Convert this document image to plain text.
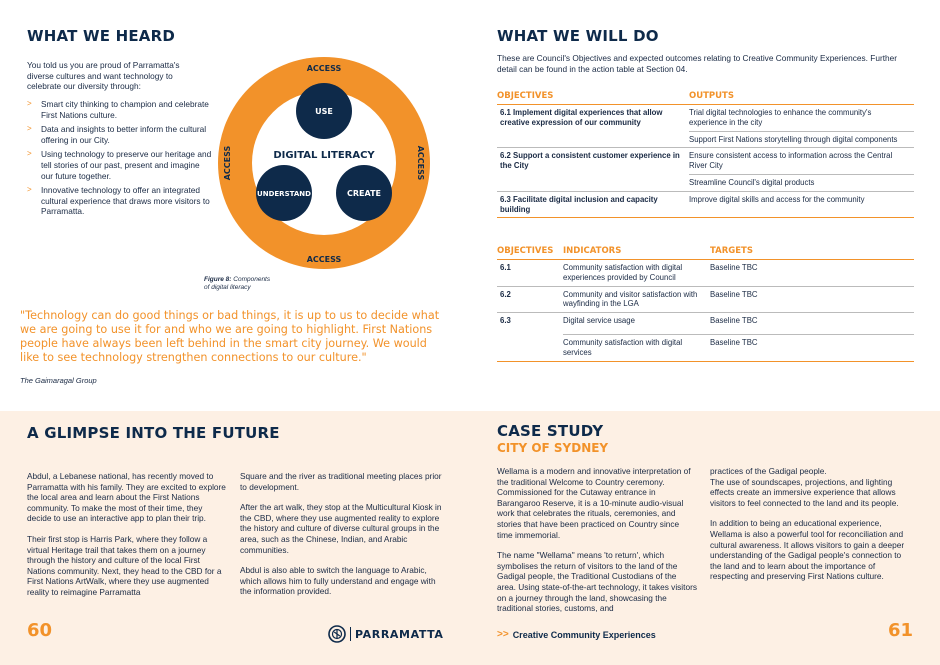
WHAT WE HEARD

You told us you are proud of Parramatta's diverse cultures and want technology to celebrate our diversity through:

> Smart city thinking to champion and celebrate First Nations culture.
> Data and insights to better inform the cultural offering in our City.
> Using technology to preserve our heritage and tell stories of our past, present and imagine our future together.
> Innovative technology to offer an integrated cultural experience that draws more visitors to Parramatta.
ACCESS
ACCESS
ACCESS	ACCESS
DIGITAL LITERACY
USE
UNDERSTAND	CREATE
Figure 8: Components
of digital literacy

"Technology can do good things or bad things, it is up to us to decide what we are going to use it for and who we are going to highlight. First Nations people have always been left behind in the smart city journey. We would like to see technology strengthen connections to our culture."

The Gaimaragal Group
WHAT WE WILL DO

These are Council's Objectives and expected outcomes relating to Creative Community Experiences. Further detail can be found in the action table at Section 04.

OBJECTIVES	OUTPUTS
6.1 Implement digital experiences that allow creative expression of our community	Trial digital technologies to enhance the community's experience in the city
	Support First Nations storytelling through digital components
6.2 Support a consistent customer experience in the City	Ensure consistent access to information across the Central River City
	Streamline Council's digital products
6.3 Facilitate digital inclusion and capacity building	Improve digital skills and access for the community
OBJECTIVES	INDICATORS	TARGETS
6.1	Community satisfaction with digital experiences provided by Council	Baseline TBC
6.2	Community and visitor satisfaction with wayfinding in the LGA	Baseline TBC
6.3	Digital service usage	Baseline TBC
	Community satisfaction with digital services	Baseline TBC
A GLIMPSE INTO THE FUTURE

Abdul, a Lebanese national, has recently moved to Parramatta with his family. They are excited to explore the local area and learn about the First Nations community. To make the most of their time, they decide to use an interactive app to plan their trip.

Their first stop is Harris Park, where they follow a virtual Heritage trail that takes them on a journey through the history and culture of the local First Nations community. Next, they head to the CBD for a First Nations ArtWalk, where they use augmented reality to reimagine Parramatta

Square and the river as traditional meeting places prior to development.

After the art walk, they stop at the Multicultural Kiosk in the CBD, where they use augmented reality to explore the history and culture of diverse cultural groups in the area, such as the Chinese, Indian, and Arabic communities.

Abdul is also able to switch the language to Arabic, which allows him to fully understand and engage with the information provided.

CASE STUDY
CITY OF SYDNEY

Wellama is a modern and innovative interpretation of the traditional Welcome to Country ceremony. Commissioned for the Cutaway entrance in Barangaroo Reserve, it is a 10-minute audio-visual work that celebrates the rituals, ceremonies, and stories that have been practiced on Country since time immemorial.

The name "Wellama" means 'to return', which symbolises the return of visitors to the land of the Gadigal people, the Traditional Custodians of the area. Using state-of-the-art technology, it takes visitors on a journey through the land, showcasing the traditional stories, customs, and

practices of the Gadigal people.
The use of soundscapes, projections, and lighting effects create an immersive experience that allows visitors to feel connected to the land and its people.

In addition to being an educational experience, Wellama is also a powerful tool for reconciliation and cultural awareness. It allows visitors to gain a deeper understanding of the Gadigal people's connection to the land and to learn about the importance of respecting and preserving First Nations culture.

60	PARRAMATTA	>> Creative Community Experiences	61
